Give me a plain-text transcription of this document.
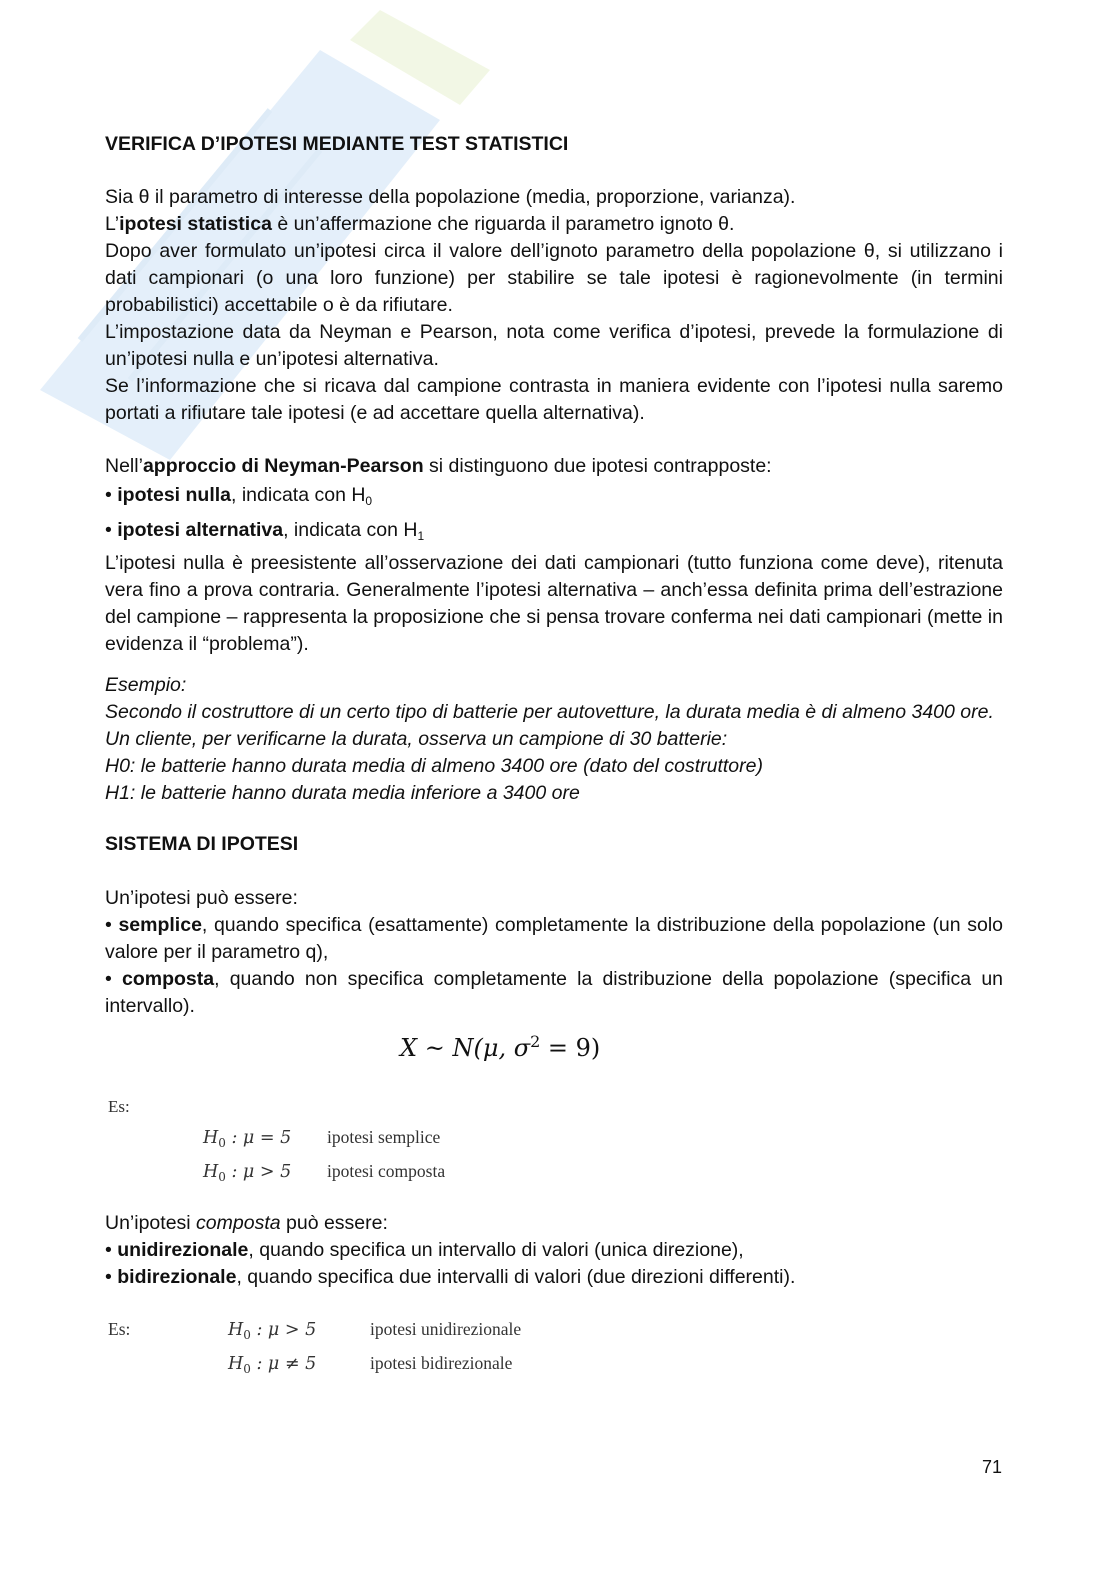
VERIFICA D’IPOTESI MEDIANTE TEST STATISTICI

Sia θ il parametro di interesse della popolazione (media, proporzione, varianza).

L’ipotesi statistica è un’affermazione che riguarda il parametro ignoto θ.

Dopo aver formulato un’ipotesi circa il valore dell’ignoto parametro della popolazione θ, si utilizzano i dati campionari (o una loro funzione) per stabilire se tale ipotesi è ragionevolmente (in termini probabilistici) accettabile o è da rifiutare.

L’impostazione data da Neyman e Pearson, nota come verifica d’ipotesi, prevede la formulazione di un’ipotesi nulla e un’ipotesi alternativa.

Se l’informazione che si ricava dal campione contrasta in maniera evidente con l’ipotesi nulla saremo portati a rifiutare tale ipotesi (e ad accettare quella alternativa).

Nell’approccio di Neyman-Pearson si distinguono due ipotesi contrapposte:

• ipotesi nulla, indicata con $H_0$

• ipotesi alternativa, indicata con $H_1$

L’ipotesi nulla è preesistente all’osservazione dei dati campionari (tutto funziona come deve), ritenuta vera fino a prova contraria. Generalmente l’ipotesi alternativa – anch’essa definita prima dell’estrazione del campione – rappresenta la proposizione che si pensa trovare conferma nei dati campionari (mette in evidenza il “problema”).

Esempio:

Secondo il costruttore di un certo tipo di batterie per autovetture, la durata media è di almeno 3400 ore. Un cliente, per verificarne la durata, osserva un campione di 30 batterie:

H0: le batterie hanno durata media di almeno 3400 ore (dato del costruttore)

H1: le batterie hanno durata media inferiore a 3400 ore

SISTEMA DI IPOTESI

Un’ipotesi può essere:

• semplice, quando specifica (esattamente) completamente la distribuzione della popolazione (un solo valore per il parametro q),

• composta, quando non specifica completamente la distribuzione della popolazione (specifica un intervallo).

X ~ N(μ, $\sigma^2 = 9$)
Es:
$H_0$ : μ = 5 ipotesi semplice
$H_0$ : μ > 5 ipotesi composta

Un’ipotesi composta può essere:

• unidirezionale, quando specifica un intervallo di valori (unica direzione),

• bidirezionale, quando specifica due intervalli di valori (due direzioni differenti).

Es:	$H_0$ : μ > 5	ipotesi unidirezionale
$H_0$ : μ ≠ 5	ipotesi bidirezionale
71
